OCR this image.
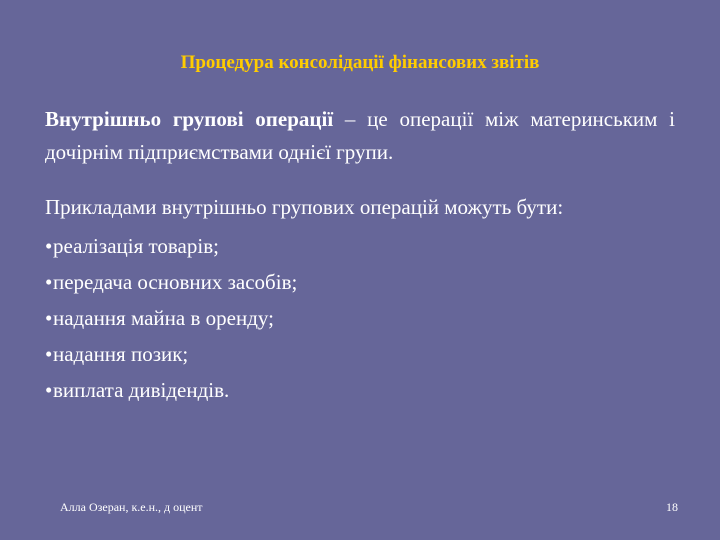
Процедура консолідації фінансових звітів

Внутрішньо групові операції – це операції між материнським і дочірнім підприємствами однієї групи.

Прикладами внутрішньо групових операцій можуть бути:

• реалізація товарів;
• передача основних засобів;
• надання майна в оренду;
• надання позик;
• виплата дивідендів.
Алла Озеран, к.е.н., д оцент	18
